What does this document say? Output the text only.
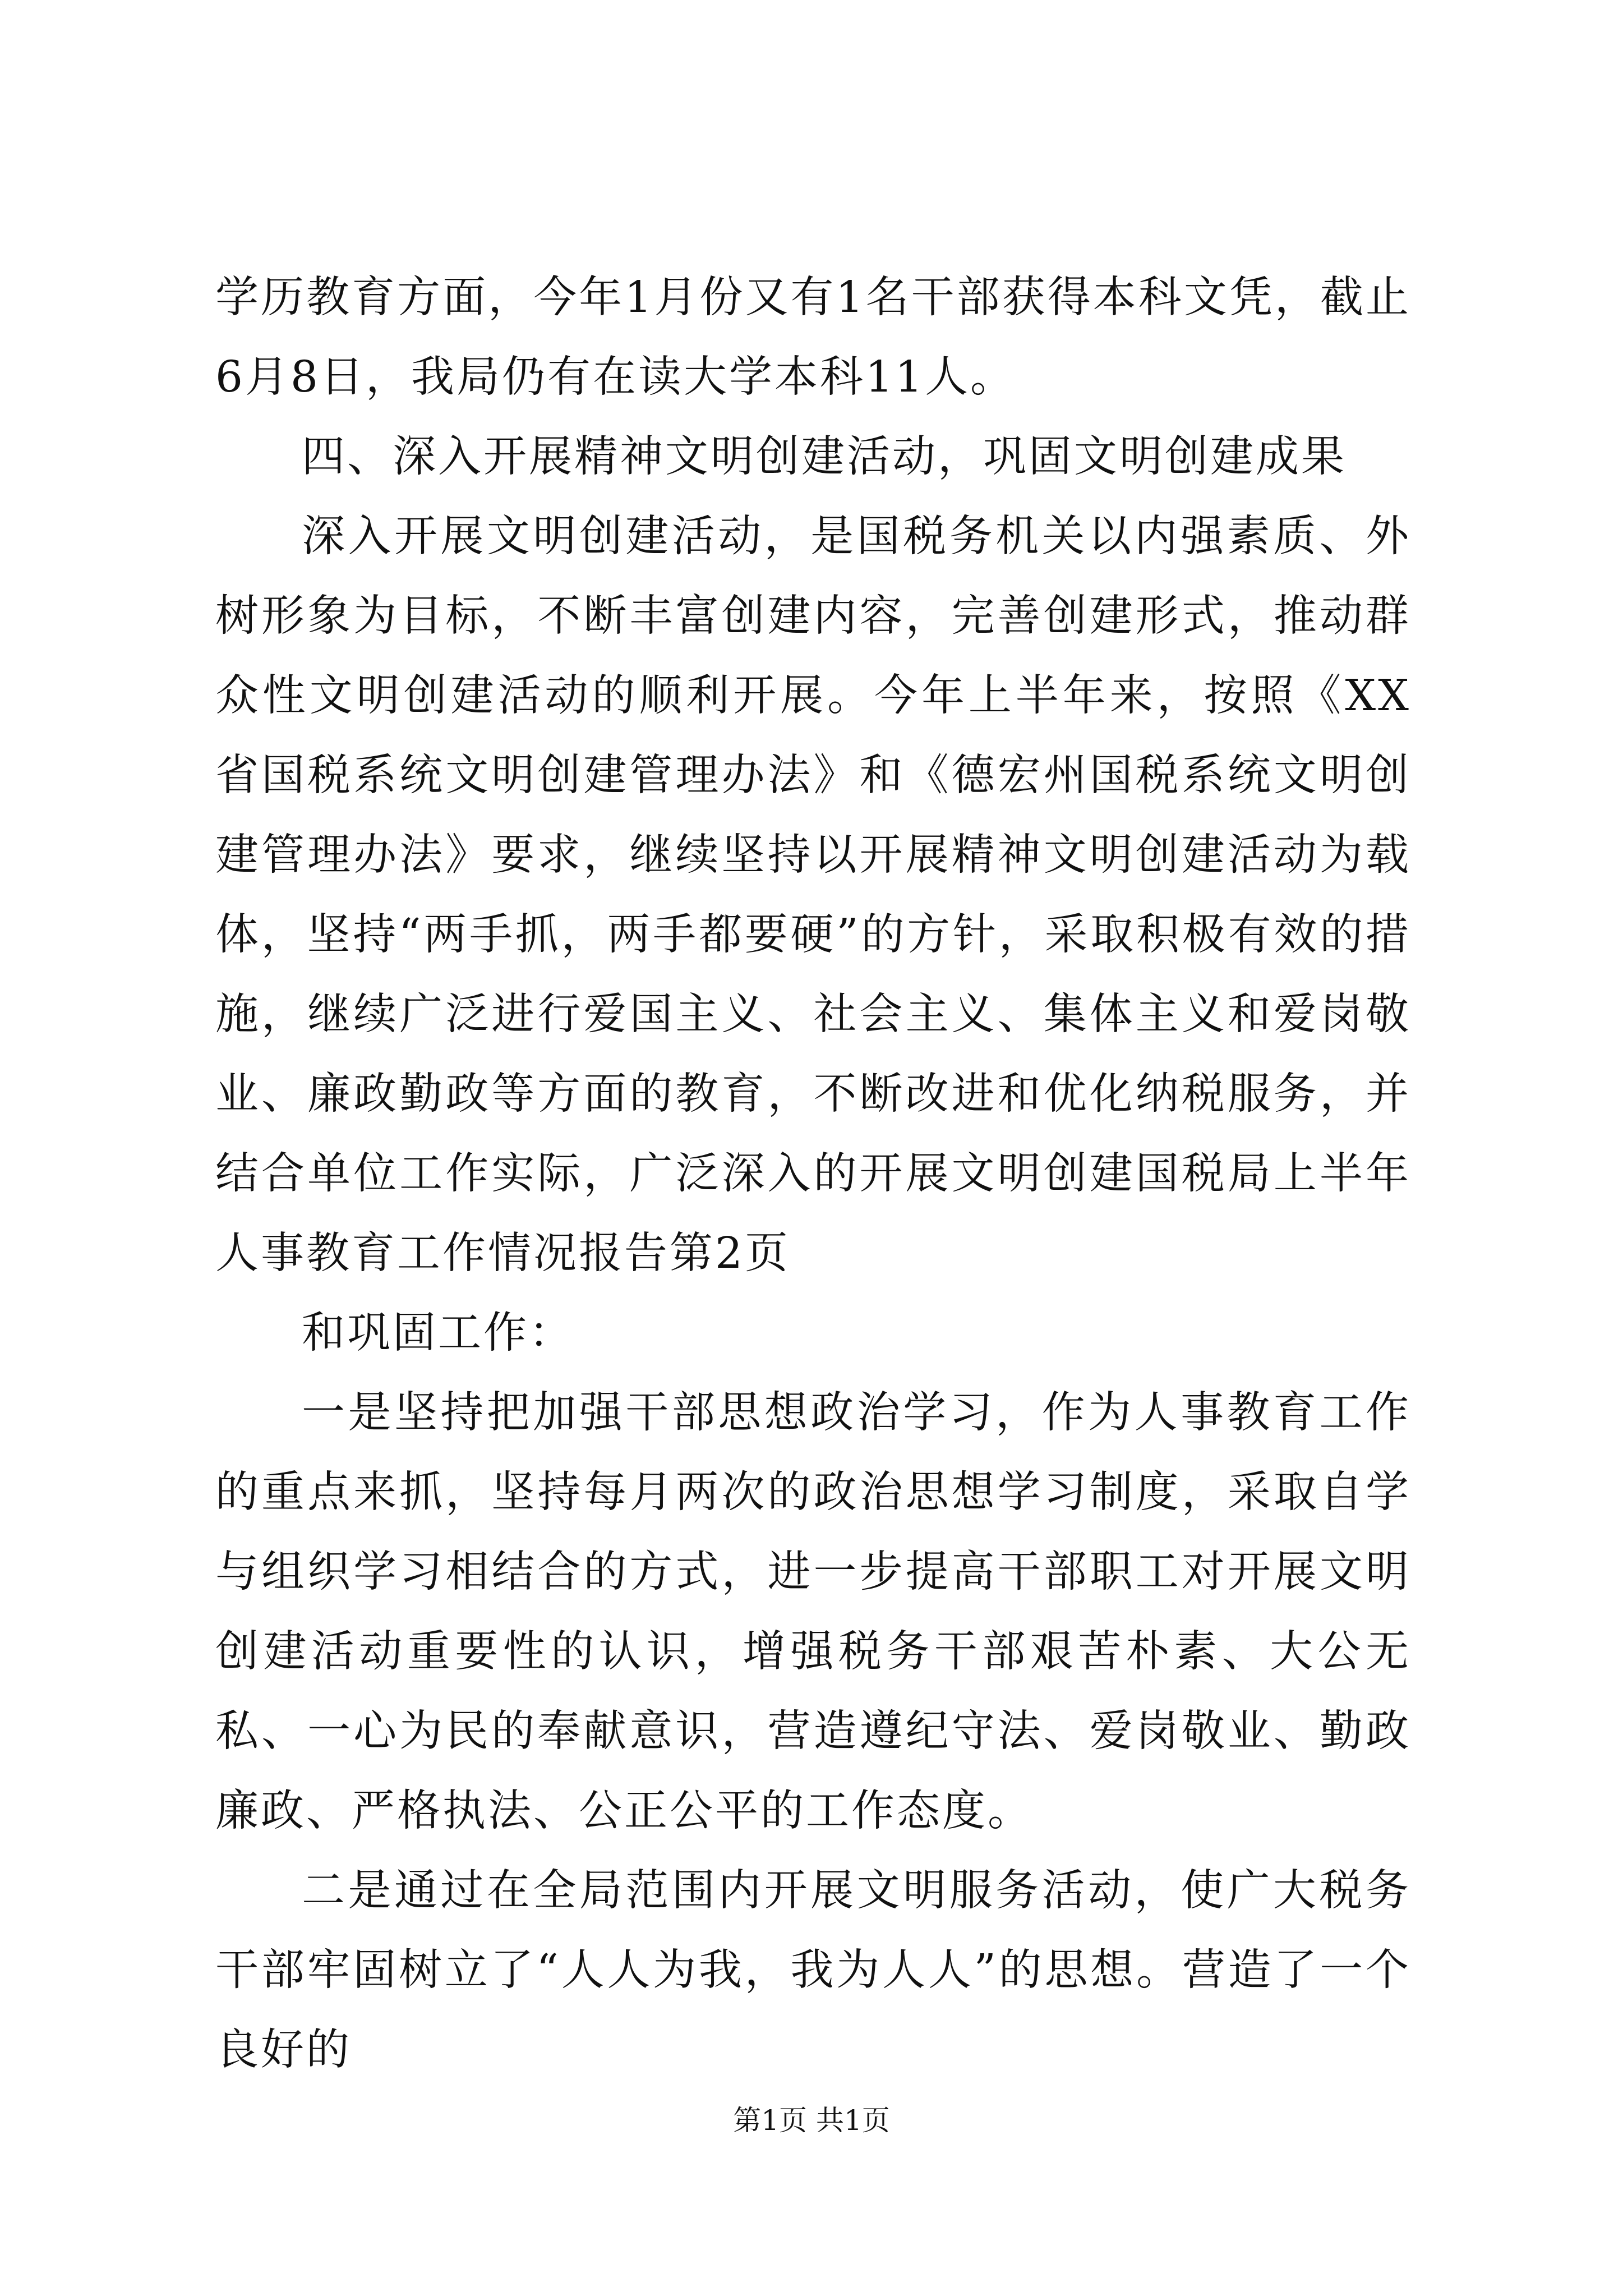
学历教育方面，今年1月份又有1名干部获得本科文凭，截止6月8日，我局仍有在读大学本科11人。

四、深入开展精神文明创建活动，巩固文明创建成果

深入开展文明创建活动，是国税务机关以内强素质、外树形象为目标，不断丰富创建内容，完善创建形式，推动群众性文明创建活动的顺利开展。今年上半年来，按照《XX省国税系统文明创建管理办法》和《德宏州国税系统文明创建管理办法》要求，继续坚持以开展精神文明创建活动为载体，坚持“两手抓，两手都要硬”的方针，采取积极有效的措施，继续广泛进行爱国主义、社会主义、集体主义和爱岗敬业、廉政勤政等方面的教育，不断改进和优化纳税服务，并结合单位工作实际，广泛深入的开展文明创建国税局上半年人事教育工作情况报告第2页

和巩固工作：

一是坚持把加强干部思想政治学习，作为人事教育工作的重点来抓，坚持每月两次的政治思想学习制度，采取自学与组织学习相结合的方式，进一步提高干部职工对开展文明创建活动重要性的认识，增强税务干部艰苦朴素、大公无私、一心为民的奉献意识，营造遵纪守法、爱岗敬业、勤政廉政、严格执法、公正公平的工作态度。

二是通过在全局范围内开展文明服务活动，使广大税务干部牢固树立了“人人为我，我为人人”的思想。营造了一个良好的

第1页 共1页
